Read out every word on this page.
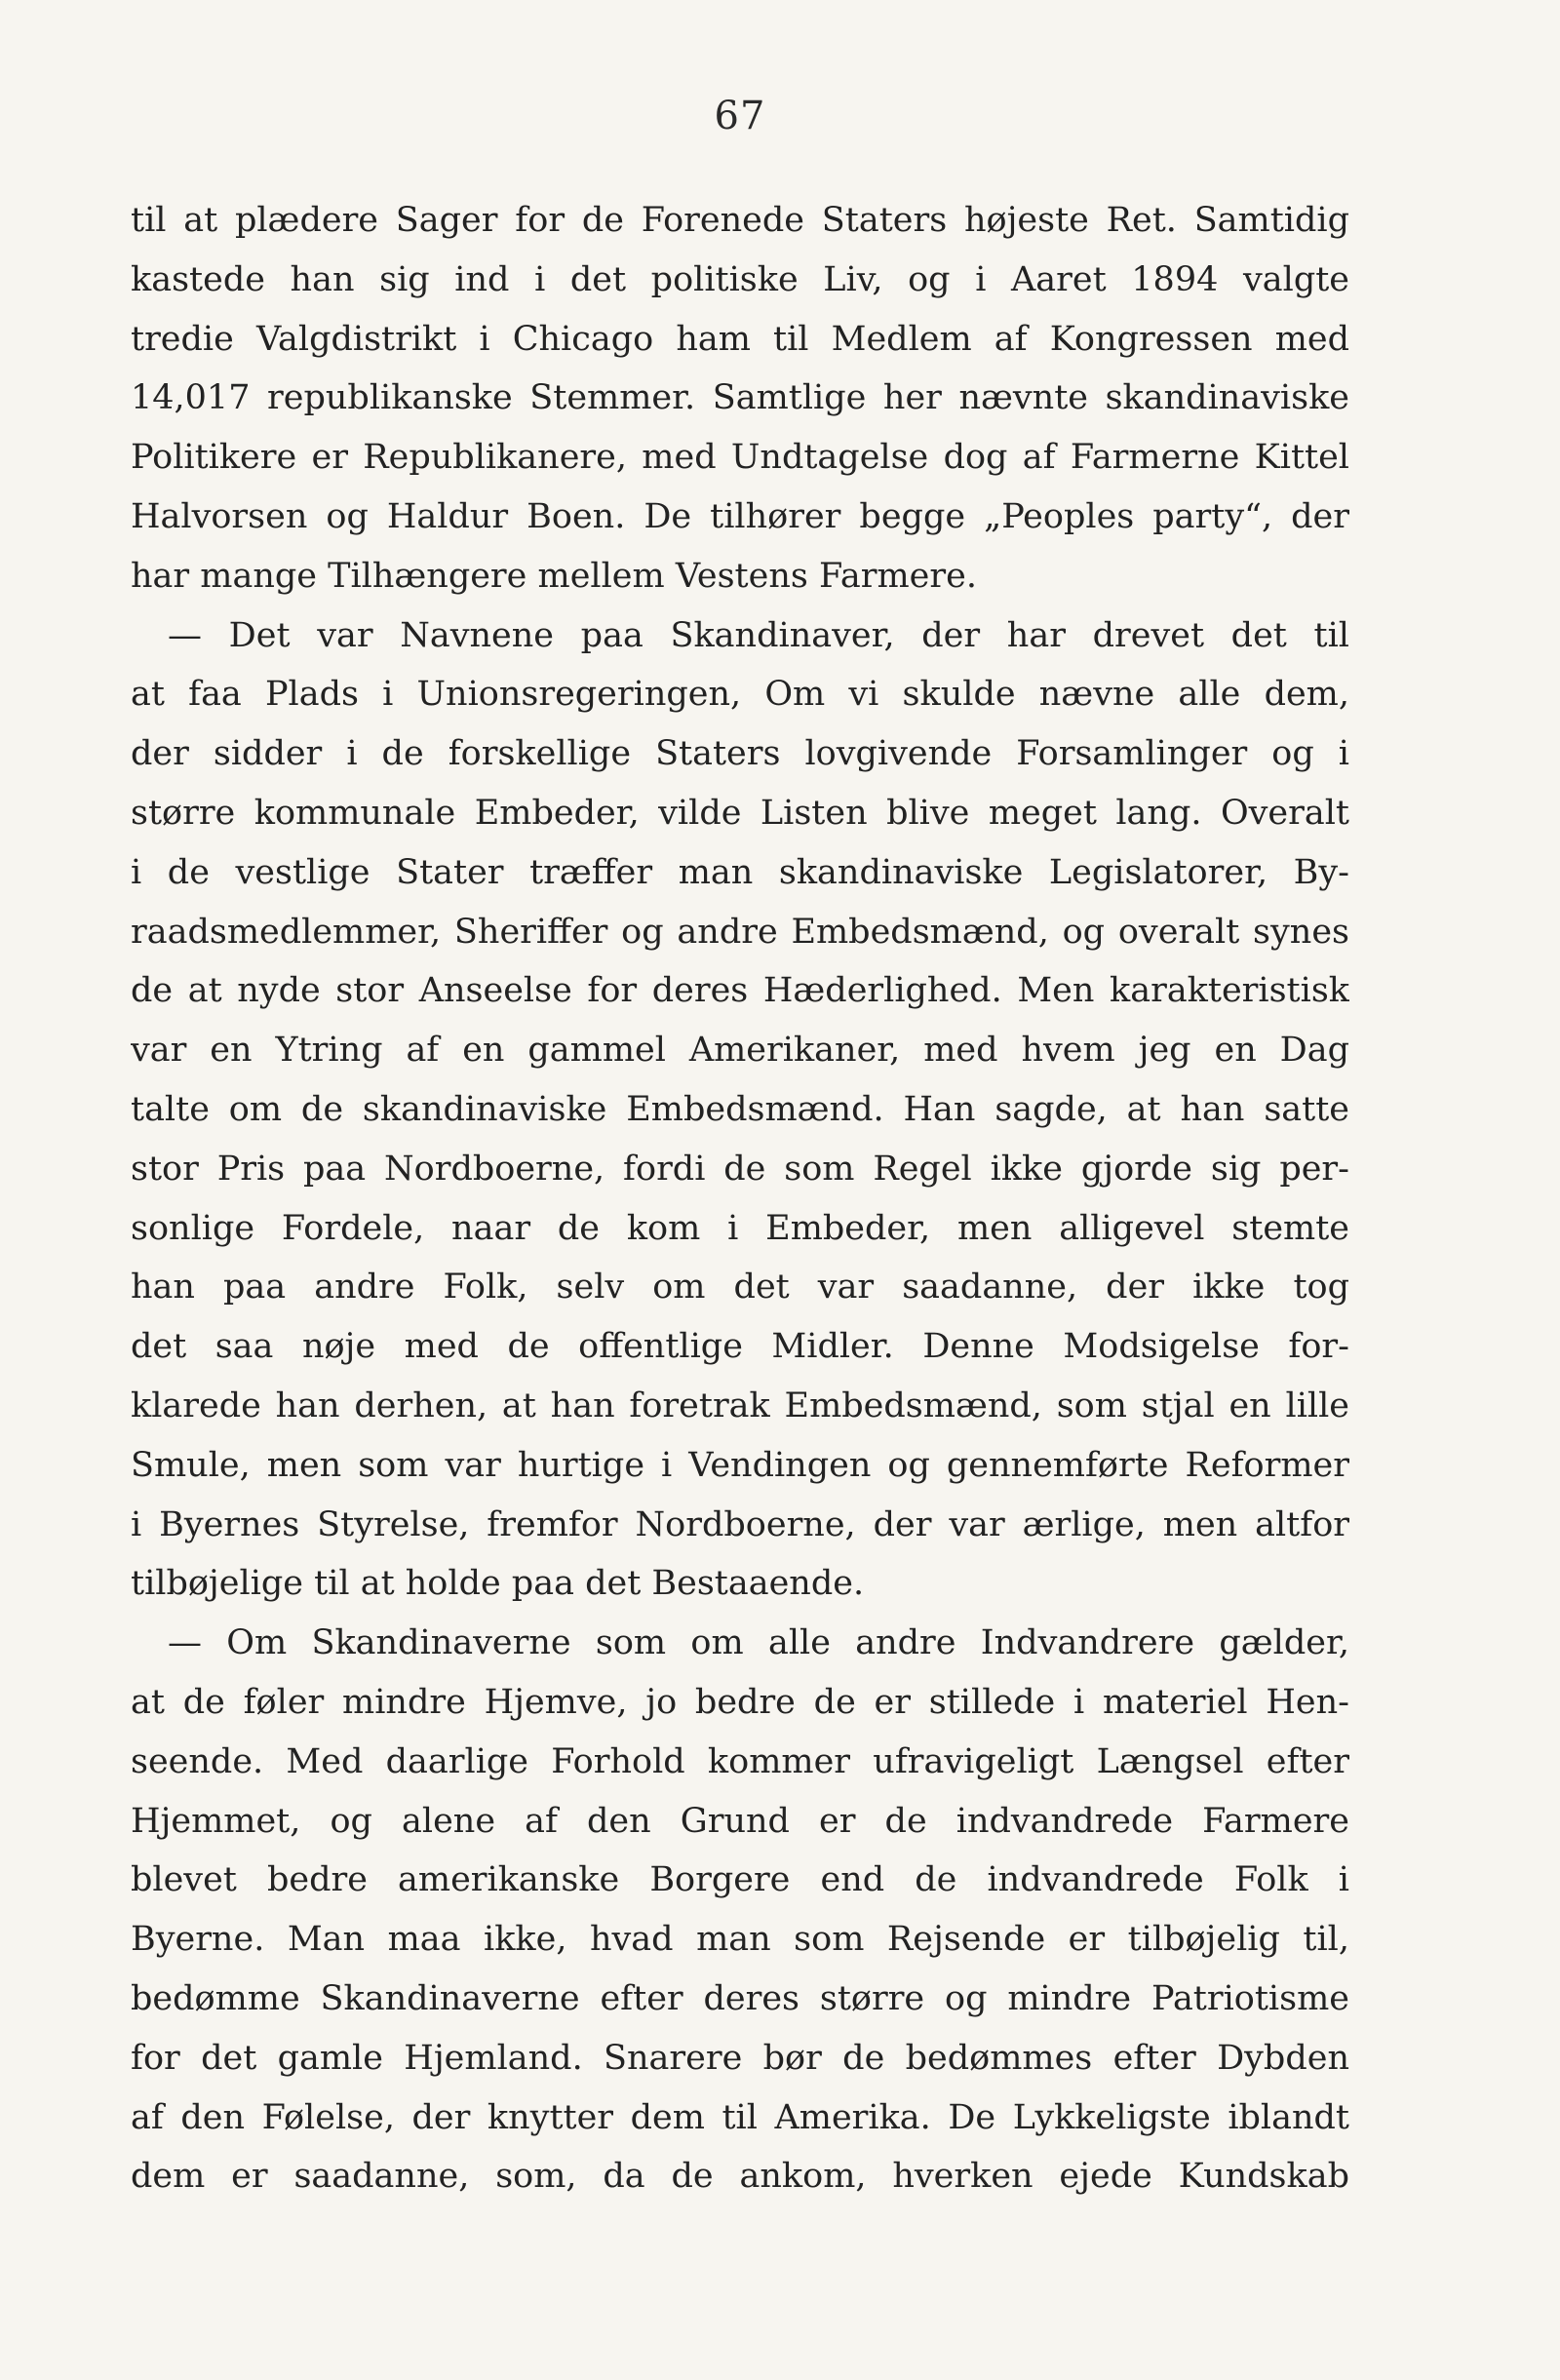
67
til at plædere Sager for de Forenede Staters højeste Ret. Samtidig
kastede han sig ind i det politiske Liv, og i Aaret 1894 valgte
tredie Valgdistrikt i Chicago ham til Medlem af Kongressen med
14,017 republikanske Stemmer. Samtlige her nævnte skandinaviske
Politikere er Republikanere, med Undtagelse dog af Farmerne Kittel
Halvorsen og Haldur Boen. De tilhører begge „Peoples party“, der
har mange Tilhængere mellem Vestens Farmere.
— Det var Navnene paa Skandinaver, der har drevet det til
at faa Plads i Unionsregeringen, Om vi skulde nævne alle dem,
der sidder i de forskellige Staters lovgivende Forsamlinger og i
større kommunale Embeder, vilde Listen blive meget lang. Overalt
i de vestlige Stater træffer man skandinaviske Legislatorer, By-
raadsmedlemmer, Sheriffer og andre Embedsmænd, og overalt synes
de at nyde stor Anseelse for deres Hæderlighed. Men karakteristisk
var en Ytring af en gammel Amerikaner, med hvem jeg en Dag
talte om de skandinaviske Embedsmænd. Han sagde, at han satte
stor Pris paa Nordboerne, fordi de som Regel ikke gjorde sig per-
sonlige Fordele, naar de kom i Embeder, men alligevel stemte
han paa andre Folk, selv om det var saadanne, der ikke tog
det saa nøje med de offentlige Midler. Denne Modsigelse for-
klarede han derhen, at han foretrak Embedsmænd, som stjal en lille
Smule, men som var hurtige i Vendingen og gennemførte Reformer
i Byernes Styrelse, fremfor Nordboerne, der var ærlige, men altfor
tilbøjelige til at holde paa det Bestaaende.
— Om Skandinaverne som om alle andre Indvandrere gælder,
at de føler mindre Hjemve, jo bedre de er stillede i materiel Hen-
seende. Med daarlige Forhold kommer ufravigeligt Længsel efter
Hjemmet, og alene af den Grund er de indvandrede Farmere
blevet bedre amerikanske Borgere end de indvandrede Folk i
Byerne. Man maa ikke, hvad man som Rejsende er tilbøjelig til,
bedømme Skandinaverne efter deres større og mindre Patriotisme
for det gamle Hjemland. Snarere bør de bedømmes efter Dybden
af den Følelse, der knytter dem til Amerika. De Lykkeligste iblandt
dem er saadanne, som, da de ankom, hverken ejede Kundskab
